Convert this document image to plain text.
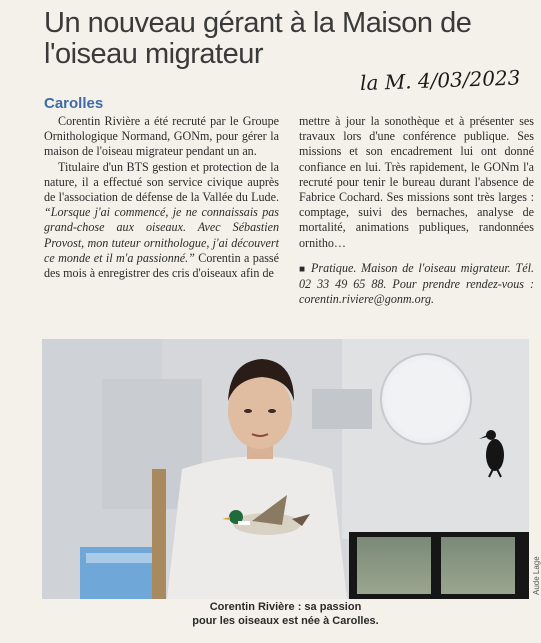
Un nouveau gérant à la Maison de l'oiseau migrateur
la M. 4/03/2023
Carolles

Corentin Rivière a été recruté par le Groupe Ornithologique Normand, GONm, pour gérer la maison de l'oiseau migrateur pendant un an.

Titulaire d'un BTS gestion et protection de la nature, il a effectué son service civique auprès de l'association de défense de la Vallée du Lude. “Lorsque j'ai commencé, je ne connaissais pas grand-chose aux oiseaux. Avec Sébastien Provost, mon tuteur ornithologue, j'ai découvert ce monde et il m'a passionné.” Corentin a passé des mois à enregistrer des cris d'oiseaux afin de

mettre à jour la sonothèque et à présenter ses travaux lors d'une conférence publique. Ses missions et son encadrement lui ont donné confiance en lui. Très rapidement, le GONm l'a recruté pour tenir le bureau durant l'absence de Fabrice Cochard. Ses missions sont très larges : comptage, suivi des bernaches, analyse de mortalité, animations publiques, randonnées ornitho…

■ Pratique. Maison de l'oiseau migrateur. Tél. 02 33 49 65 88. Pour prendre rendez-vous : corentin.riviere@gonm.org.

Corentin Rivière : sa passion
pour les oiseaux est née à Carolles.
Aude Lage
